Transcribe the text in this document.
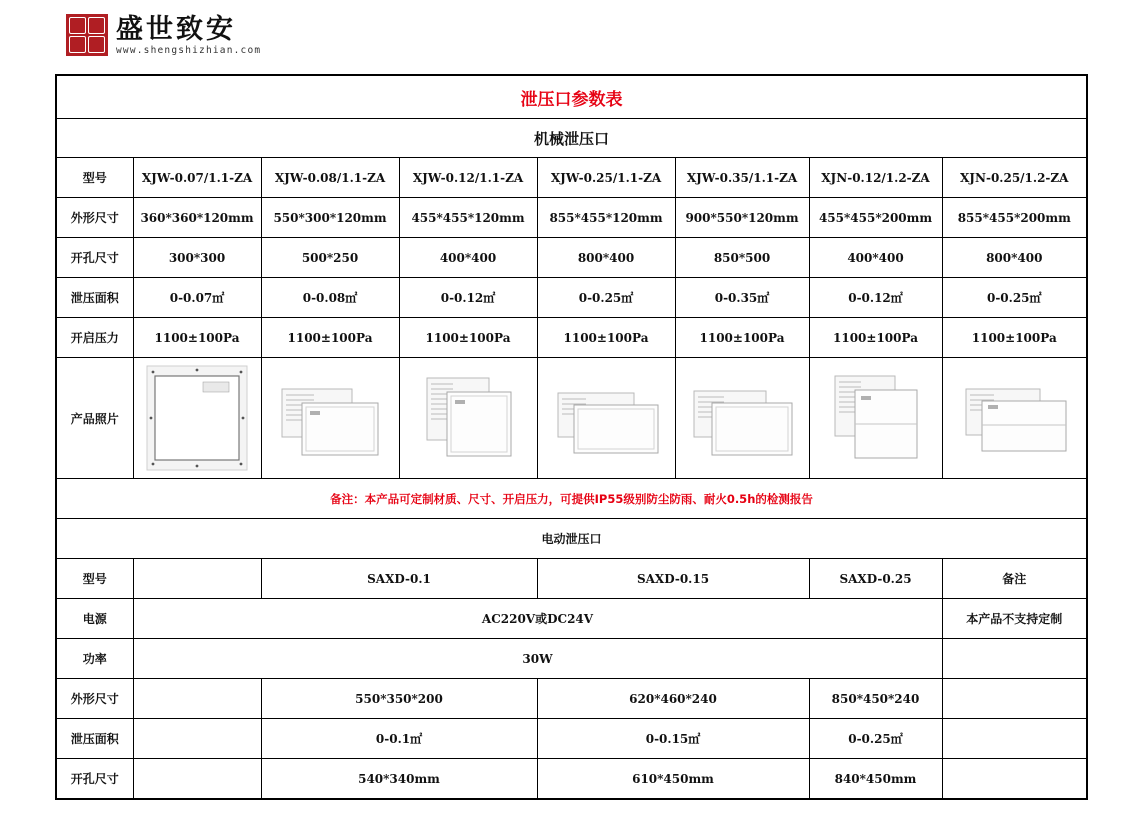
盛世致安
www.shengshizhian.com
泄压口参数表							
机械泄压口							
型号	XJW-0.07/1.1-ZA	XJW-0.08/1.1-ZA	XJW-0.12/1.1-ZA	XJW-0.25/1.1-ZA	XJW-0.35/1.1-ZA	XJN-0.12/1.2-ZA	XJN-0.25/1.2-ZA
外形尺寸	360*360*120mm	550*300*120mm	455*455*120mm	855*455*120mm	900*550*120mm	455*455*200mm	855*455*200mm
开孔尺寸	300*300	500*250	400*400	800*400	850*500	400*400	800*400
泄压面积	0-0.07㎡	0-0.08㎡	0-0.12㎡	0-0.25㎡	0-0.35㎡	0-0.12㎡	0-0.25㎡
开启压力	1100±100Pa	1100±100Pa	1100±100Pa	1100±100Pa	1100±100Pa	1100±100Pa	1100±100Pa
产品照片	

备注：本产品可定制材质、尺寸、开启压力，可提供IP55级别防尘防雨、耐火0.5h的检测报告							
电动泄压口							
型号		SAXD-0.1		SAXD-0.15		SAXD-0.25	备注
电源	AC220V或DC24V						本产品不支持定制
功率	30W						
外形尺寸		550*350*200		620*460*240		850*450*240	
泄压面积		0-0.1㎡		0-0.15㎡		0-0.25㎡	
开孔尺寸		540*340mm		610*450mm		840*450mm	
